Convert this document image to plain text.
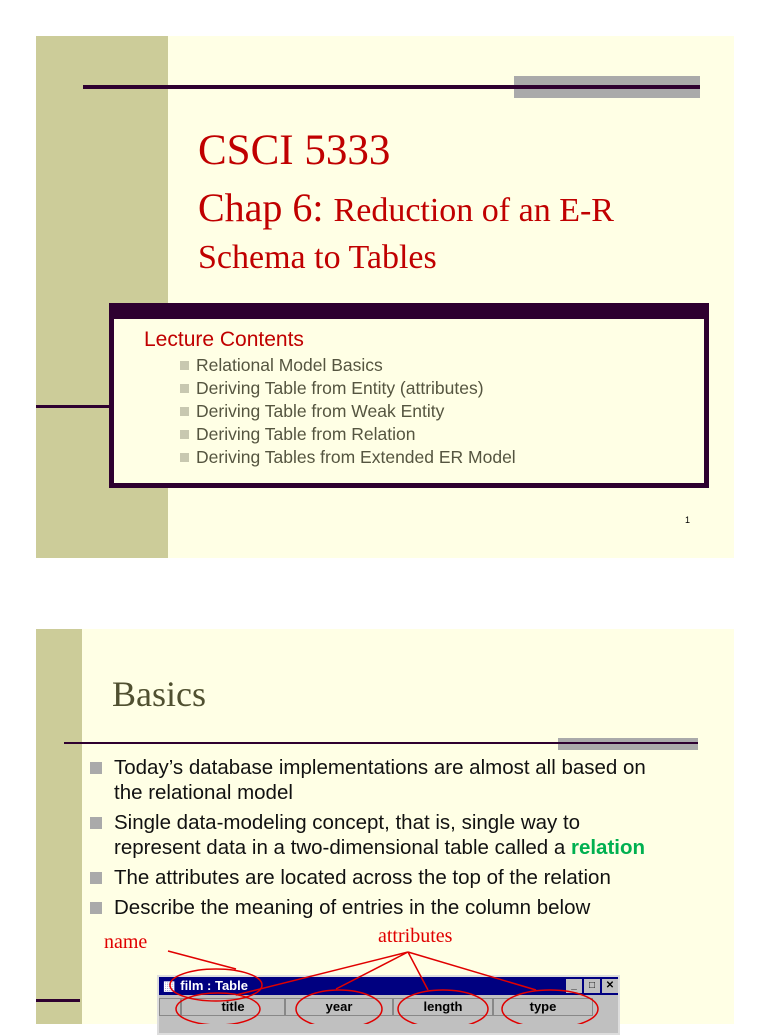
CSCI 5333
Chap 6: Reduction of an E-R
Schema to Tables
Lecture Contents
Relational Model Basics
Deriving Table from Entity (attributes)
Deriving Table from Weak Entity
Deriving Table from Relation
Deriving Tables from Extended ER Model
1
Basics
Today’s database implementations are almost all based on
the relational model
Single data-modeling concept, that is, single way to
represent data in a two-dimensional table called a relation
The attributes are located across the top of the relation
Describe the meaning of entries in the column below
name	attributes
▦ film : Table	_	□	✕
title	year	length	type
